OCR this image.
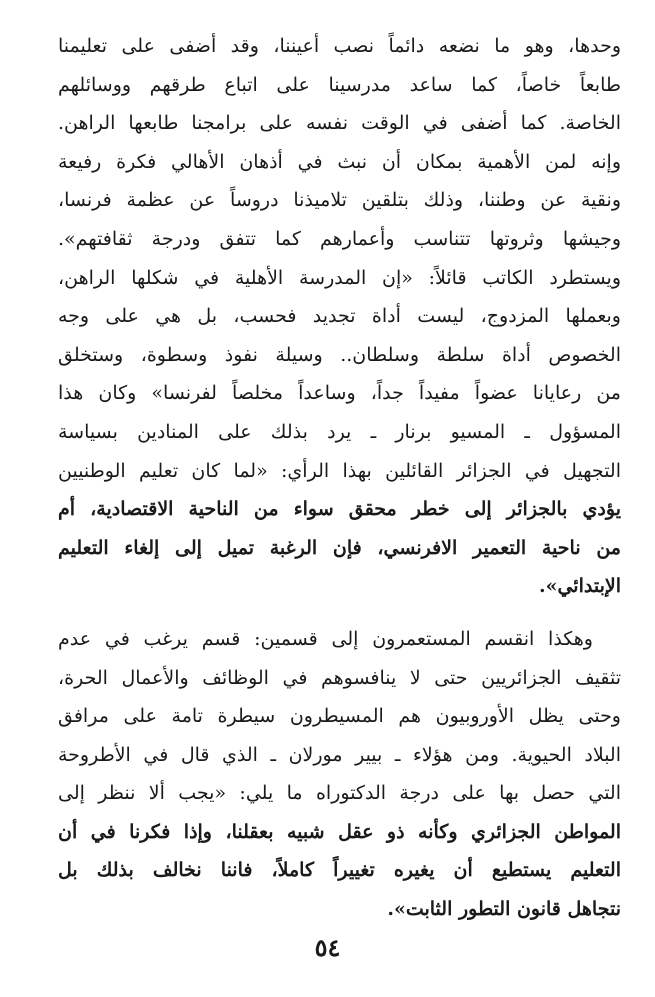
وحدها، وهو ما نضعه دائماً نصب أعيننا، وقد أضفى على تعليمنا
طابعاً خاصاً، كما ساعد مدرسينا على اتباع طرقهم ووسائلهم
الخاصة. كما أضفى في الوقت نفسه على برامجنا طابعها الراهن.
وإنه لمن الأهمية بمكان أن نبث في أذهان الأهالي فكرة رفيعة
ونقية عن وطننا، وذلك بتلقين تلاميذنا دروساً عن عظمة فرنسا،
وجيشها وثروتها تتناسب وأعمارهم كما تتفق ودرجة ثقافتهم».
ويستطرد الكاتب قائلاً: «إن المدرسة الأهلية في شكلها الراهن،
وبعملها المزدوج، ليست أداة تجديد فحسب، بل هي على وجه
الخصوص أداة سلطة وسلطان.. وسيلة نفوذ وسطوة، وستخلق
من رعايانا عضواً مفيداً جداً، وساعداً مخلصاً لفرنسا» وكان هذا
المسؤول ـ المسيو برنار ـ يرد بذلك على المنادين بسياسة
التجهيل في الجزائر القائلين بهذا الرأي: «لما كان تعليم الوطنيين
يؤدي بالجزائر إلى خطر محقق سواء من الناحية الاقتصادية، أم
من ناحية التعمير الافرنسي، فإن الرغبة تميل إلى إلغاء التعليم
الإبتدائي».
وهكذا انقسم المستعمرون إلى قسمين: قسم يرغب في عدم
تثقيف الجزائريين حتى لا ينافسوهم في الوظائف والأعمال الحرة،
وحتى يظل الأوروبيون هم المسيطرون سيطرة تامة على مرافق
البلاد الحيوية. ومن هؤلاء ـ بيير مورلان ـ الذي قال في الأطروحة
التي حصل بها على درجة الدكتوراه ما يلي: «يجب ألا ننظر إلى
المواطن الجزائري وكأنه ذو عقل شبيه بعقلنا، وإذا فكرنا في أن
التعليم يستطيع أن يغيره تغييراً كاملاً، فاننا نخالف بذلك بل
نتجاهل قانون التطور الثابت».
٥٤
